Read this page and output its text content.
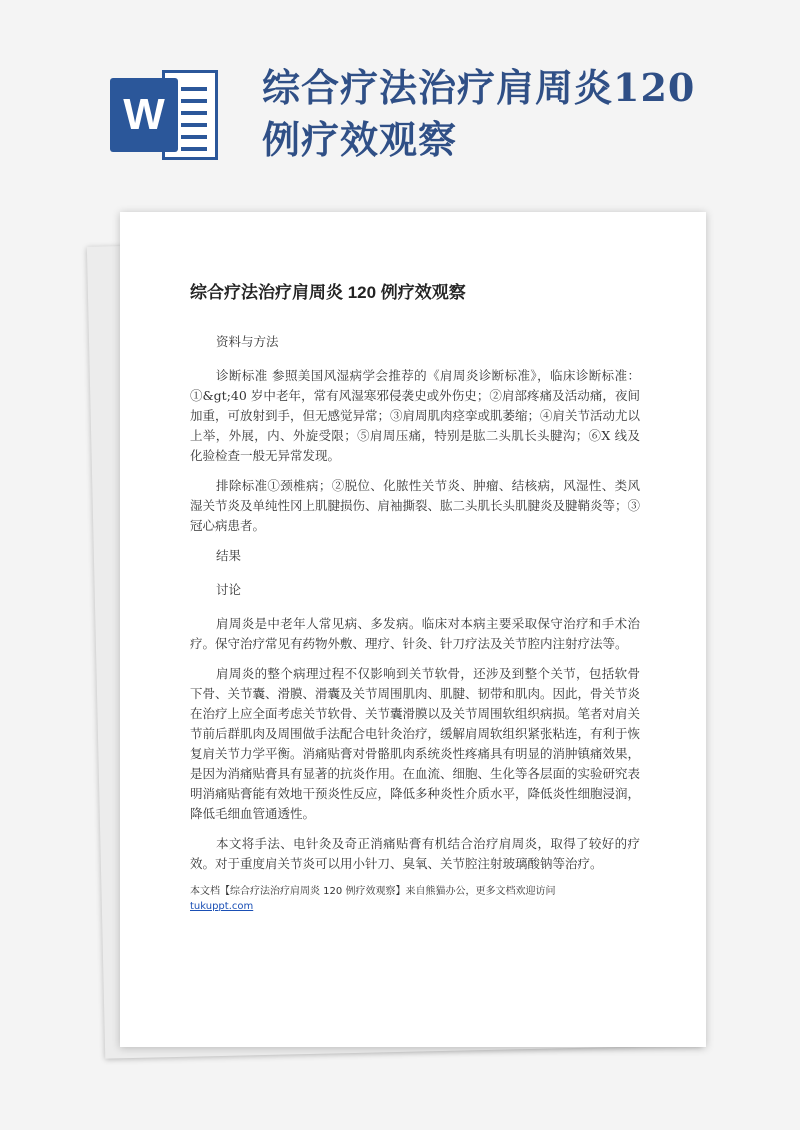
W
综合疗法治疗肩周炎120例疗效观察
综合疗法治疗肩周炎 120 例疗效观察
资料与方法
诊断标准 参照美国风湿病学会推荐的《肩周炎诊断标准》，临床诊断标准：①&gt;40 岁中老年，常有风湿寒邪侵袭史或外伤史；②肩部疼痛及活动痛，夜间加重，可放射到手，但无感觉异常；③肩周肌肉痉挛或肌萎缩；④肩关节活动尤以上举，外展，内、外旋受限；⑤肩周压痛，特别是肱二头肌长头腱沟；⑥X 线及化验检查一般无异常发现。
排除标准①颈椎病；②脱位、化脓性关节炎、肿瘤、结核病，风湿性、类风湿关节炎及单纯性冈上肌腱损伤、肩袖撕裂、肱二头肌长头肌腱炎及腱鞘炎等；③冠心病患者。
结果
讨论
肩周炎是中老年人常见病、多发病。临床对本病主要采取保守治疗和手术治疗。保守治疗常见有药物外敷、理疗、针灸、针刀疗法及关节腔内注射疗法等。
肩周炎的整个病理过程不仅影响到关节软骨，还涉及到整个关节，包括软骨下骨、关节囊、滑膜、滑囊及关节周围肌肉、肌腱、韧带和肌肉。因此，骨关节炎在治疗上应全面考虑关节软骨、关节囊滑膜以及关节周围软组织病损。笔者对肩关节前后群肌肉及周围做手法配合电针灸治疗，缓解肩周软组织紧张粘连，有利于恢复肩关节力学平衡。消痛贴膏对骨骼肌肉系统炎性疼痛具有明显的消肿镇痛效果，是因为消痛贴膏具有显著的抗炎作用。在血流、细胞、生化等各层面的实验研究表明消痛贴膏能有效地干预炎性反应，降低多种炎性介质水平，降低炎性细胞浸润，降低毛细血管通透性。
本文将手法、电针灸及奇正消痛贴膏有机结合治疗肩周炎，取得了较好的疗效。对于重度肩关节炎可以用小针刀、臭氧、关节腔注射玻璃酸钠等治疗。
本文档【综合疗法治疗肩周炎 120 例疗效观察】来自熊猫办公，更多文档欢迎访问
tukuppt.com
